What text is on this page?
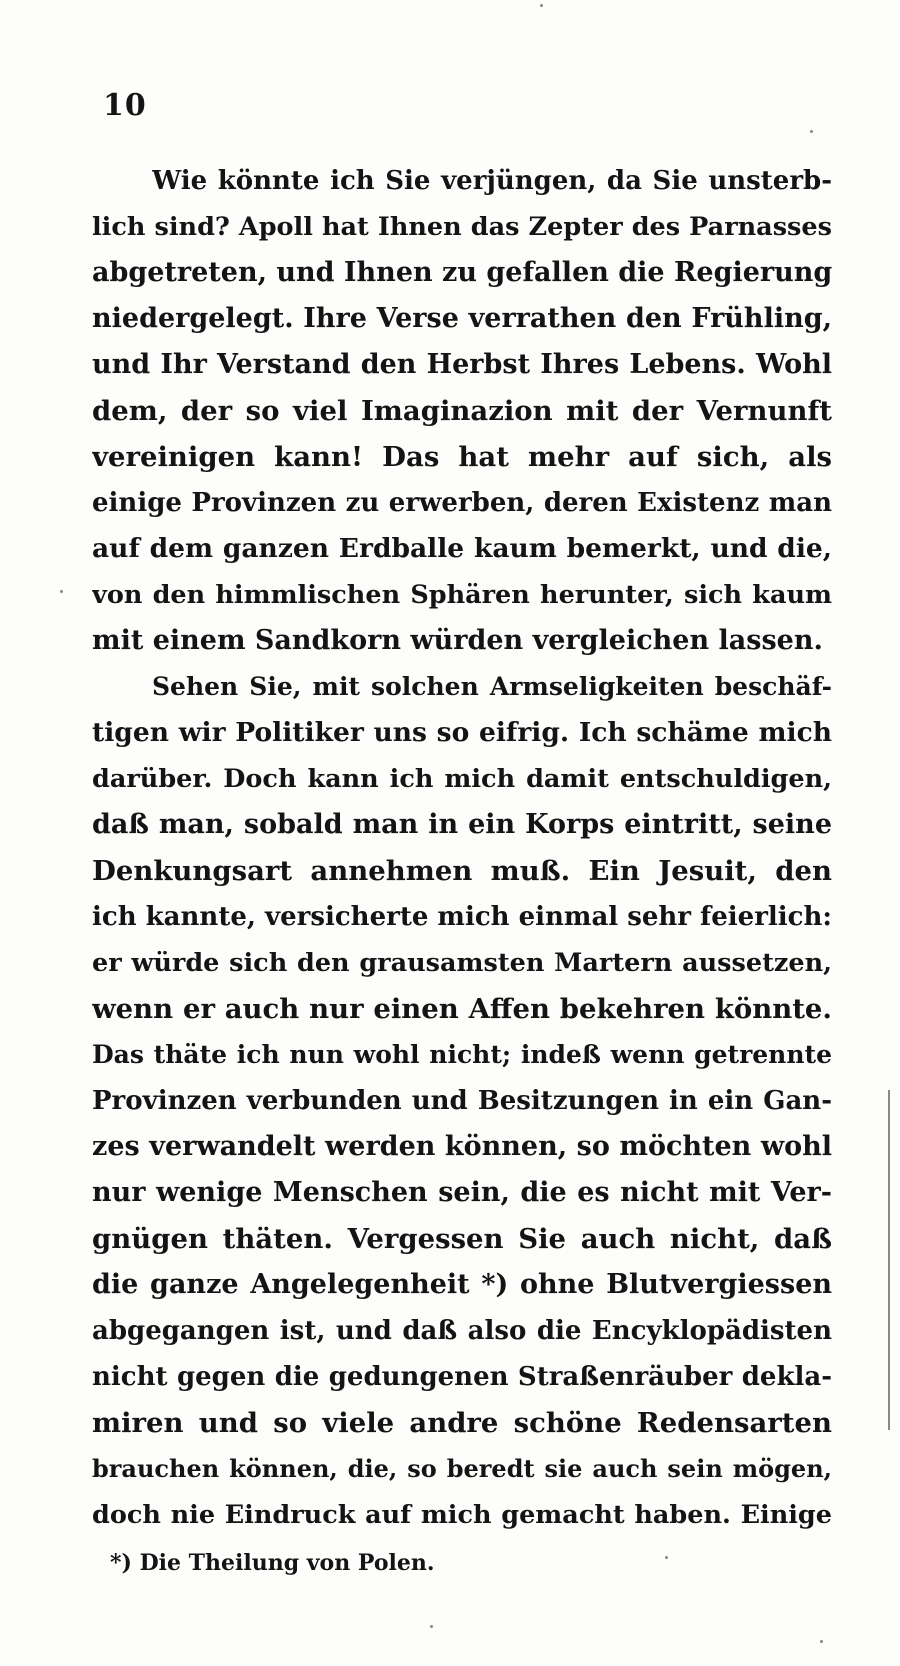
10
Wie könnte ich Sie verjüngen, da Sie unsterb-
lich sind? Apoll hat Ihnen das Zepter des Parnasses
abgetreten, und Ihnen zu gefallen die Regierung
niedergelegt. Ihre Verse verrathen den Frühling,
und Ihr Verstand den Herbst Ihres Lebens. Wohl
dem, der so viel Imaginazion mit der Vernunft
vereinigen kann! Das hat mehr auf sich, als
einige Provinzen zu erwerben, deren Existenz man
auf dem ganzen Erdballe kaum bemerkt, und die,
von den himmlischen Sphären herunter, sich kaum
mit einem Sandkorn würden vergleichen lassen.
Sehen Sie, mit solchen Armseligkeiten beschäf-
tigen wir Politiker uns so eifrig. Ich schäme mich
darüber. Doch kann ich mich damit entschuldigen,
daß man, sobald man in ein Korps eintritt, seine
Denkungsart annehmen muß. Ein Jesuit, den
ich kannte, versicherte mich einmal sehr feierlich:
er würde sich den grausamsten Martern aussetzen,
wenn er auch nur einen Affen bekehren könnte.
Das thäte ich nun wohl nicht; indeß wenn getrennte
Provinzen verbunden und Besitzungen in ein Gan-
zes verwandelt werden können, so möchten wohl
nur wenige Menschen sein, die es nicht mit Ver-
gnügen thäten. Vergessen Sie auch nicht, daß
die ganze Angelegenheit *) ohne Blutvergiessen
abgegangen ist, und daß also die Encyklopädisten
nicht gegen die gedungenen Straßenräuber dekla-
miren und so viele andre schöne Redensarten
brauchen können, die, so beredt sie auch sein mögen,
doch nie Eindruck auf mich gemacht haben. Einige
*) Die Theilung von Polen.
